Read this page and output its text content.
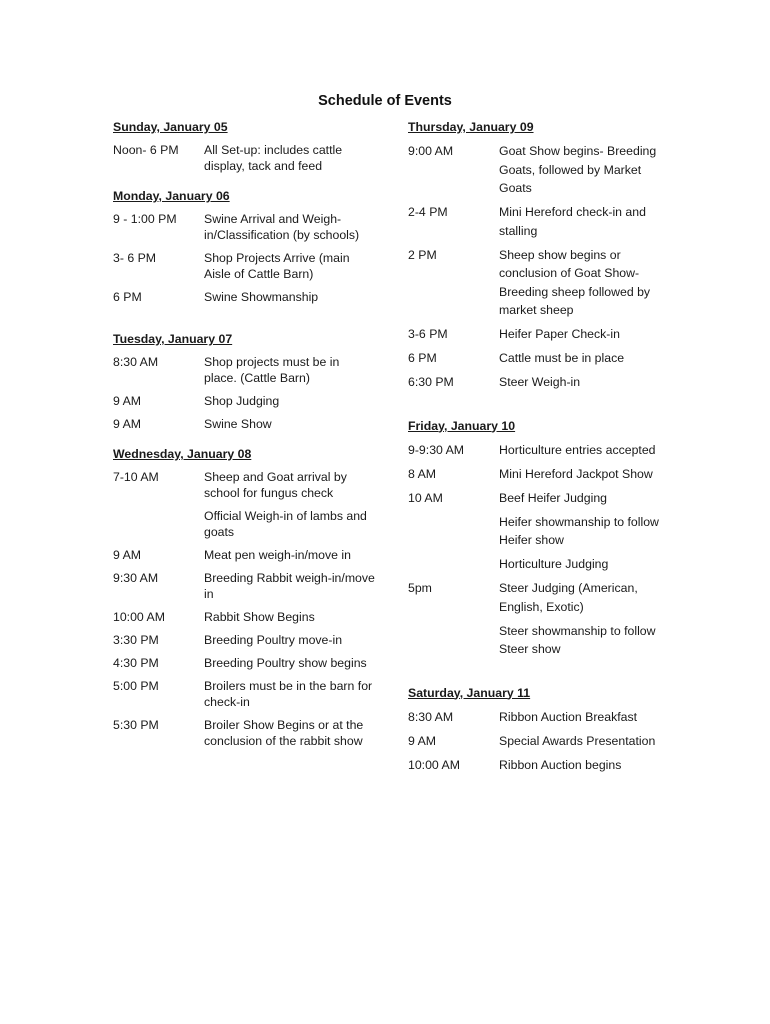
Schedule of Events
Sunday, January 05
Noon- 6 PM	All Set-up: includes cattle display, tack and feed
Monday, January 06
9 - 1:00 PM	Swine Arrival and Weigh-in/Classification (by schools)
3- 6 PM	Shop Projects Arrive (main Aisle of Cattle Barn)
6 PM	Swine Showmanship
Tuesday, January 07
8:30 AM	Shop projects must be in place. (Cattle Barn)
9 AM	Shop Judging
9 AM	Swine Show
Wednesday, January 08
7-10 AM	Sheep and Goat arrival by school for fungus check
Official Weigh-in of lambs and goats
9 AM	Meat pen weigh-in/move in
9:30 AM	Breeding Rabbit weigh-in/move in
10:00 AM	Rabbit Show Begins
3:30 PM	Breeding Poultry move-in
4:30 PM	Breeding Poultry show begins
5:00 PM	Broilers must be in the barn for check-in
5:30 PM	Broiler Show Begins or at the conclusion of the rabbit show
Thursday, January 09
9:00 AM	Goat Show begins- Breeding Goats, followed by Market Goats
2-4 PM	Mini Hereford check-in and stalling
2 PM	Sheep show begins or conclusion of Goat Show- Breeding sheep followed by market sheep
3-6 PM	Heifer Paper Check-in
6 PM	Cattle must be in place
6:30 PM	Steer Weigh-in
Friday, January 10
9-9:30 AM	Horticulture entries accepted
8 AM	Mini Hereford Jackpot Show
10 AM	Beef Heifer Judging
Heifer showmanship to follow Heifer show
Horticulture Judging
5pm	Steer Judging (American, English, Exotic)
Steer showmanship to follow Steer show
Saturday, January 11
8:30 AM	Ribbon Auction Breakfast
9 AM	Special Awards Presentation
10:00 AM	Ribbon Auction begins
